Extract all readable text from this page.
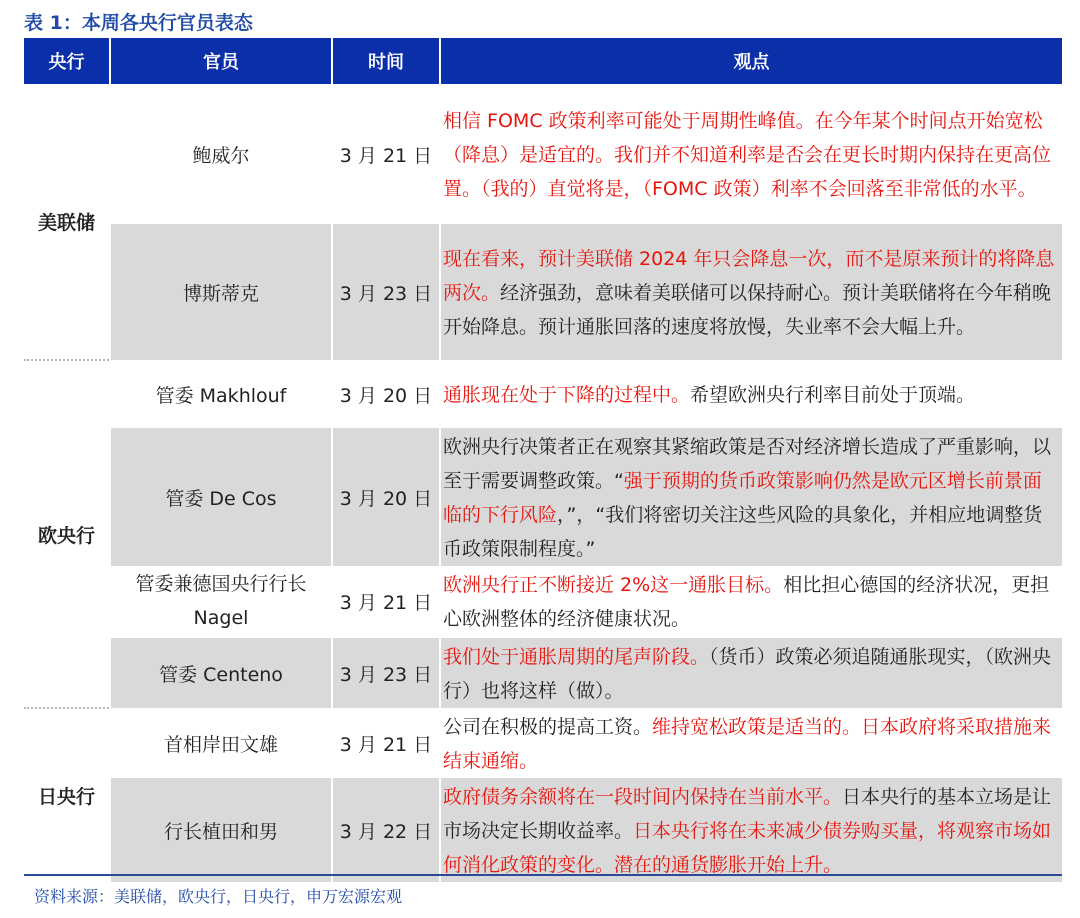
表 1：本周各央行官员表态
央行	官员	时间	观点
美联储	鲍威尔	3 月 21 日	相信 FOMC 政策利率可能处于周期性峰值。在今年某个时间点开始宽松（降息）是适宜的。我们并不知道利率是否会在更长时期内保持在更高位置。（我的）直觉将是，（FOMC 政策）利率不会回落至非常低的水平。
	博斯蒂克	3 月 23 日	现在看来，预计美联储 2024 年只会降息一次，而不是原来预计的将降息两次。经济强劲，意味着美联储可以保持耐心。预计美联储将在今年稍晚开始降息。预计通胀回落的速度将放慢，失业率不会大幅上升。
欧央行	管委 Makhlouf	3 月 20 日	通胀现在处于下降的过程中。希望欧洲央行利率目前处于顶端。
	管委 De Cos	3 月 20 日	欧洲央行决策者正在观察其紧缩政策是否对经济增长造成了严重影响，以至于需要调整政策。“强于预期的货币政策影响仍然是欧元区增长前景面临的下行风险，”，“我们将密切关注这些风险的具象化，并相应地调整货币政策限制程度。”
	管委兼德国央行行长 Nagel	3 月 21 日	欧洲央行正不断接近 2%这一通胀目标。相比担心德国的经济状况，更担心欧洲整体的经济健康状况。
	管委 Centeno	3 月 23 日	我们处于通胀周期的尾声阶段。（货币）政策必须追随通胀现实，（欧洲央行）也将这样（做）。
日央行	首相岸田文雄	3 月 21 日	公司在积极的提高工资。维持宽松政策是适当的。日本政府将采取措施来结束通缩。
	行长植田和男	3 月 22 日	政府债务余额将在一段时间内保持在当前水平。日本央行的基本立场是让市场决定长期收益率。日本央行将在未来减少债券购买量，将观察市场如何消化政策的变化。潜在的通货膨胀开始上升。
资料来源：美联储，欧央行，日央行，申万宏源宏观
